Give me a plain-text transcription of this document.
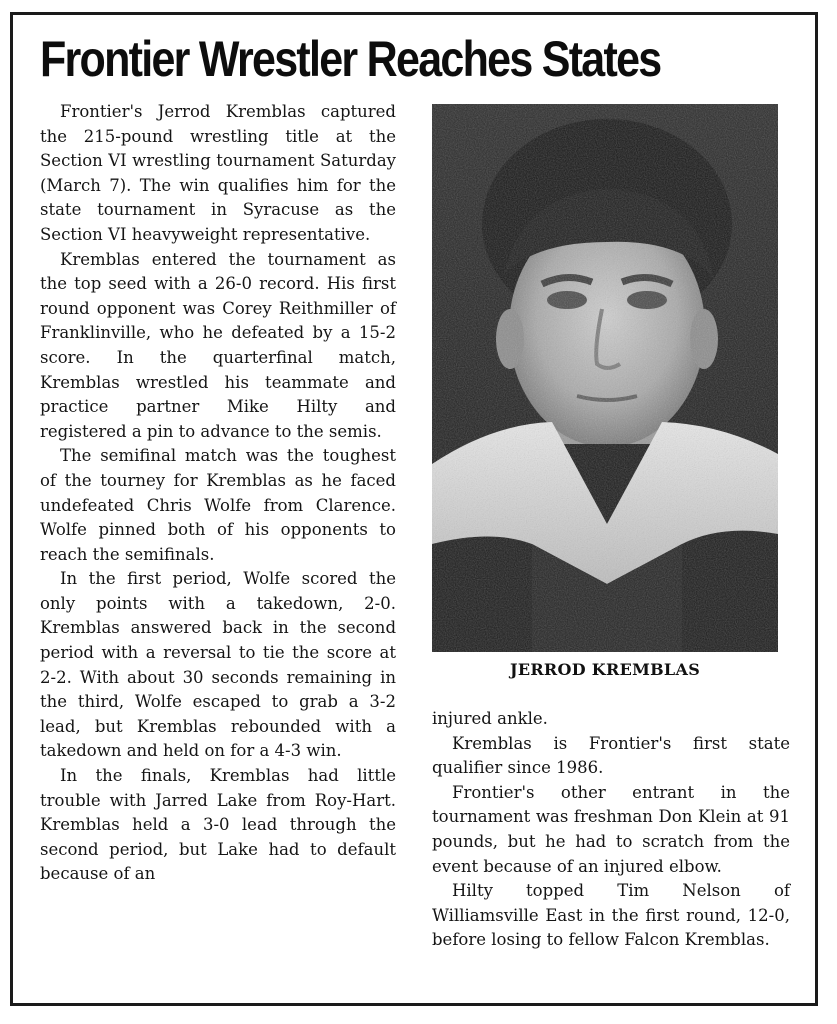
Frontier Wrestler Reaches States

Frontier's Jerrod Kremblas captured the 215-pound wrestling title at the Section VI wrestling tournament Saturday (March 7). The win qualifies him for the state tournament in Syracuse as the Section VI heavyweight representative.

Kremblas entered the tournament as the top seed with a 26-0 record. His first round opponent was Corey Reithmiller of Franklinville, who he defeated by a 15-2 score. In the quarterfinal match, Kremblas wrestled his teammate and practice partner Mike Hilty and registered a pin to advance to the semis.

The semifinal match was the toughest of the tourney for Kremblas as he faced undefeated Chris Wolfe from Clarence. Wolfe pinned both of his opponents to reach the semifinals.

In the first period, Wolfe scored the only points with a takedown, 2-0. Kremblas answered back in the second period with a reversal to tie the score at 2-2. With about 30 seconds remaining in the third, Wolfe escaped to grab a 3-2 lead, but Kremblas rebounded with a takedown and held on for a 4-3 win.

In the finals, Kremblas had little trouble with Jarred Lake from Roy-Hart. Kremblas held a 3-0 lead through the second period, but Lake had to default because of an

JERROD KREMBLAS

injured ankle.

Kremblas is Frontier's first state qualifier since 1986.

Frontier's other entrant in the tournament was freshman Don Klein at 91 pounds, but he had to scratch from the event because of an injured elbow.

Hilty topped Tim Nelson of Williamsville East in the first round, 12-0, before losing to fellow Falcon Kremblas.
